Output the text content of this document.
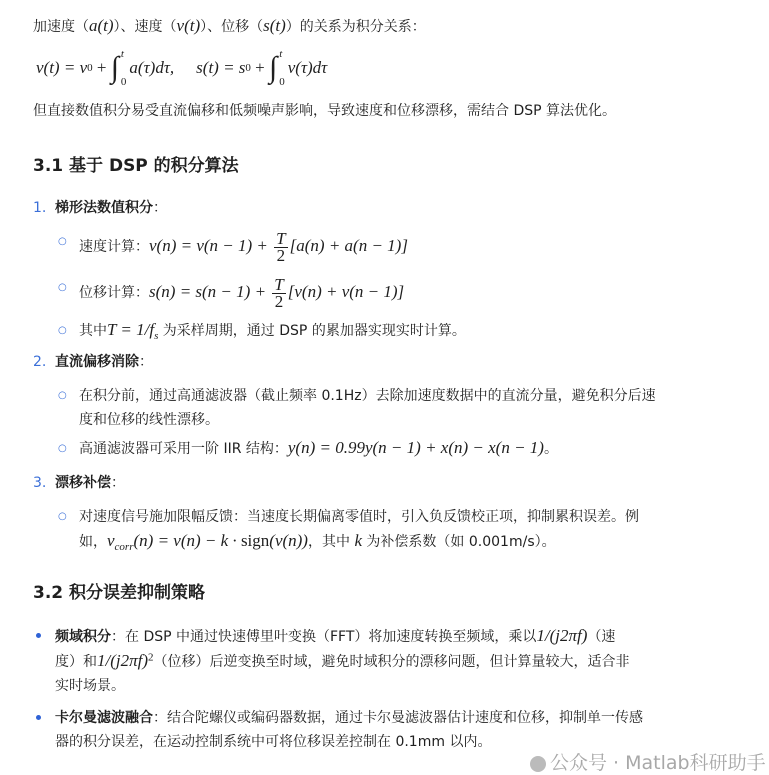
加速度（a(t)）、速度（v(t)）、位移（s(t)）的关系为积分关系：
v(t) = v 0 + ∫ t
0
a(τ)dτ, s(t) = s 0 + ∫ t
0
v(τ)dτ
但直接数值积分易受直流偏移和低频噪声影响，导致速度和位移漂移，需结合 DSP 算法优化。
3.1 基于 DSP 的积分算法
1. 梯形法数值积分：
○ 速度计算：$v(n) = v(n - 1) + \frac{T}{2} [a(n) + a(n - 1)]$
○ 位移计算：$s(n) = s(n - 1) + \frac{T}{2} [v(n) + v(n - 1)]$
○ 其中$T = 1/f_s$ 为采样周期，通过 DSP 的累加器实现实时计算。
2. 直流偏移消除：
○ 在积分前，通过高通滤波器（截止频率 0.1Hz）去除加速度数据中的直流分量，避免积分后速
度和位移的线性漂移。
○ 高通滤波器可采用一阶 IIR 结构：y(n) = 0.99y(n − 1) + x(n) − x(n − 1)。
3. 漂移补偿：
○ 对速度信号施加限幅反馈：当速度长期偏离零值时，引入负反馈校正项，抑制累积误差。例
如，$v_{corr}(n) = v(n) - k$ · sign(v(n))，其中 k 为补偿系数（如 0.001m/s）。
3.2 积分误差抑制策略
频域积分：在 DSP 中通过快速傅里叶变换（FFT）将加速度转换至频域，乘以1/(j2πf)（速
度）和$1/(j2\pi f)^2$（位移）后逆变换至时域，避免时域积分的漂移问题，但计算量较大，适合非
实时场景。
卡尔曼滤波融合：结合陀螺仪或编码器数据，通过卡尔曼滤波器估计速度和位移，抑制单一传感
器的积分误差，在运动控制系统中可将位移误差控制在 0.1mm 以内。
公众号 · Matlab科研助手
